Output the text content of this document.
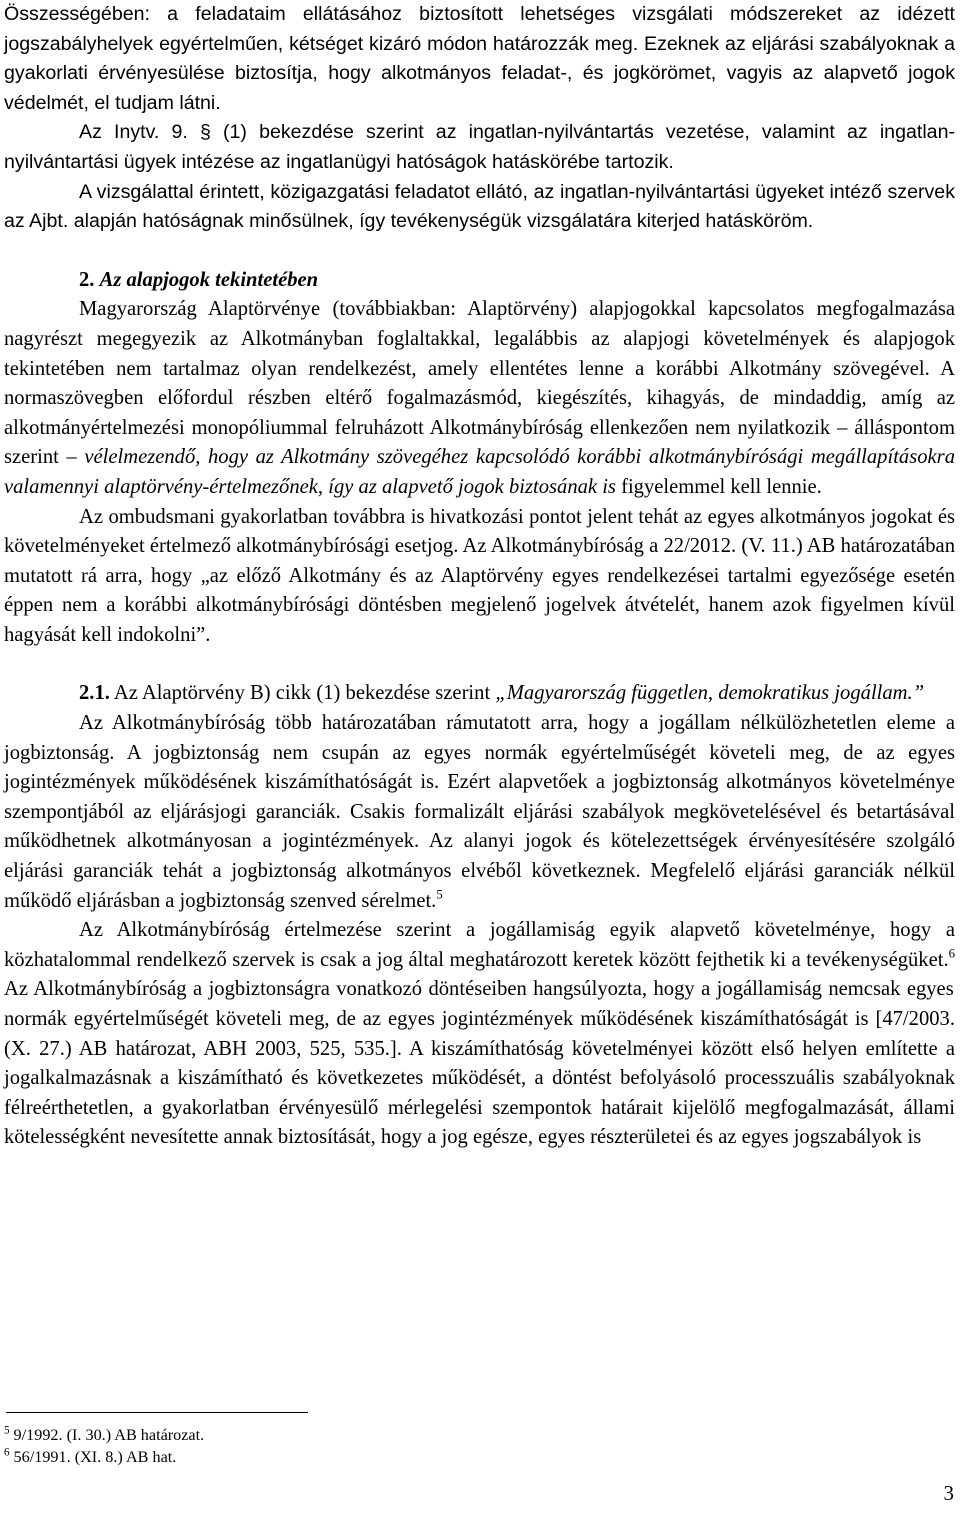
Összességében: a feladataim ellátásához biztosított lehetséges vizsgálati módszereket az idézett jogszabályhelyek egyértelműen, kétséget kizáró módon határozzák meg. Ezeknek az eljárási szabályoknak a gyakorlati érvényesülése biztosítja, hogy alkotmányos feladat-, és jogkörömet, vagyis az alapvető jogok védelmét, el tudjam látni.

Az Inytv. 9. § (1) bekezdése szerint az ingatlan-nyilvántartás vezetése, valamint az ingatlan-nyilvántartási ügyek intézése az ingatlanügyi hatóságok hatáskörébe tartozik.

A vizsgálattal érintett, közigazgatási feladatot ellátó, az ingatlan-nyilvántartási ügyeket intéző szervek az Ajbt. alapján hatóságnak minősülnek, így tevékenységük vizsgálatára kiterjed hatásköröm.

2. Az alapjogok tekintetében

Magyarország Alaptörvénye (továbbiakban: Alaptörvény) alapjogokkal kapcsolatos megfogalmazása nagyrészt megegyezik az Alkotmányban foglaltakkal, legalábbis az alapjogi követelmények és alapjogok tekintetében nem tartalmaz olyan rendelkezést, amely ellentétes lenne a korábbi Alkotmány szövegével. A normaszövegben előfordul részben eltérő fogalmazásmód, kiegészítés, kihagyás, de mindaddig, amíg az alkotmányértelmezési monopóliummal felruházott Alkotmánybíróság ellenkezően nem nyilatkozik – álláspontom szerint – vélelmezendő, hogy az Alkotmány szövegéhez kapcsolódó korábbi alkotmánybírósági megállapításokra valamennyi alaptörvény-értelmezőnek, így az alapvető jogok biztosának is figyelemmel kell lennie.

Az ombudsmani gyakorlatban továbbra is hivatkozási pontot jelent tehát az egyes alkotmányos jogokat és követelményeket értelmező alkotmánybírósági esetjog. Az Alkotmánybíróság a 22/2012. (V. 11.) AB határozatában mutatott rá arra, hogy „az előző Alkotmány és az Alaptörvény egyes rendelkezései tartalmi egyezősége esetén éppen nem a korábbi alkotmánybírósági döntésben megjelenő jogelvek átvételét, hanem azok figyelmen kívül hagyását kell indokolni”.

2.1. Az Alaptörvény B) cikk (1) bekezdése szerint „Magyarország független, demokratikus jogállam.”

Az Alkotmánybíróság több határozatában rámutatott arra, hogy a jogállam nélkülözhetetlen eleme a jogbiztonság. A jogbiztonság nem csupán az egyes normák egyértelműségét követeli meg, de az egyes jogintézmények működésének kiszámíthatóságát is. Ezért alapvetőek a jogbiztonság alkotmányos követelménye szempontjából az eljárásjogi garanciák. Csakis formalizált eljárási szabályok megkövetelésével és betartásával működhetnek alkotmányosan a jogintézmények. Az alanyi jogok és kötelezettségek érvényesítésére szolgáló eljárási garanciák tehát a jogbiztonság alkotmányos elvéből következnek. Megfelelő eljárási garanciák nélkül működő eljárásban a jogbiztonság szenved sérelmet.$^5$

Az Alkotmánybíróság értelmezése szerint a jogállamiság egyik alapvető követelménye, hogy a közhatalommal rendelkező szervek is csak a jog által meghatározott keretek között fejthetik ki a tevékenységüket.$^6$ Az Alkotmánybíróság a jogbiztonságra vonatkozó döntéseiben hangsúlyozta, hogy a jogállamiság nemcsak egyes normák egyértelműségét követeli meg, de az egyes jogintézmények működésének kiszámíthatóságát is [47/2003. (X. 27.) AB határozat, ABH 2003, 525, 535.]. A kiszámíthatóság követelményei között első helyen említette a jogalkalmazásnak a kiszámítható és következetes működését, a döntést befolyásoló processzuális szabályoknak félreérthetetlen, a gyakorlatban érvényesülő mérlegelési szempontok határait kijelölő megfogalmazását, állami kötelességként nevesítette annak biztosítását, hogy a jog egésze, egyes részterületei és az egyes jogszabályok is

$^5$ 9/1992. (I. 30.) AB határozat.
$^6$ 56/1991. (XI. 8.) AB hat.
3
